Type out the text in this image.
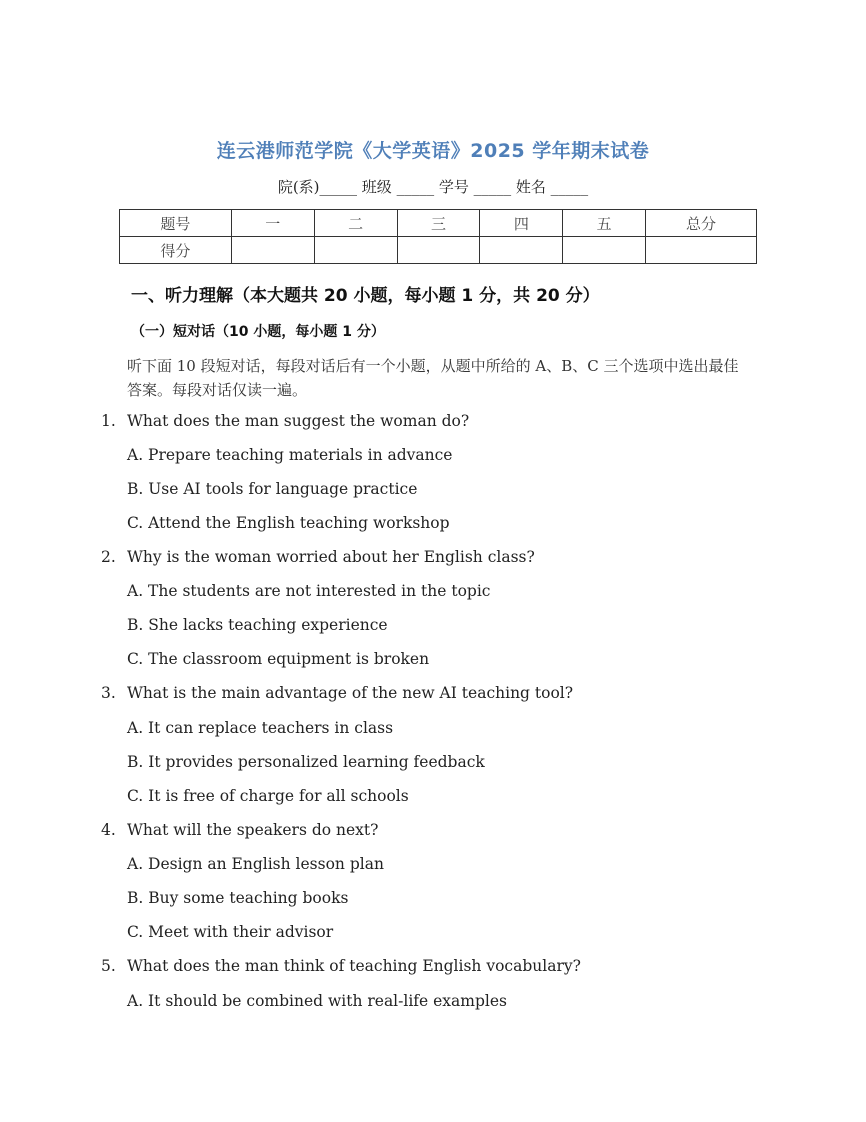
连云港师范学院《大学英语》2025 学年期末试卷
院(系)_____ 班级 _____ 学号 _____ 姓名 _____
题号	一	二	三	四	五	总分
得分						
一、听力理解（本大题共 20 小题，每小题 1 分，共 20 分）
（一）短对话（10 小题，每小题 1 分）
听下面 10 段短对话，每段对话后有一个小题，从题中所给的 A、B、C 三个选项中选出最佳答案。每段对话仅读一遍。
1. What does the man suggest the woman do?
A. Prepare teaching materials in advance
B. Use AI tools for language practice
C. Attend the English teaching workshop
2. Why is the woman worried about her English class?
A. The students are not interested in the topic
B. She lacks teaching experience
C. The classroom equipment is broken
3. What is the main advantage of the new AI teaching tool?
A. It can replace teachers in class
B. It provides personalized learning feedback
C. It is free of charge for all schools
4. What will the speakers do next?
A. Design an English lesson plan
B. Buy some teaching books
C. Meet with their advisor
5. What does the man think of teaching English vocabulary?
A. It should be combined with real-life examples
